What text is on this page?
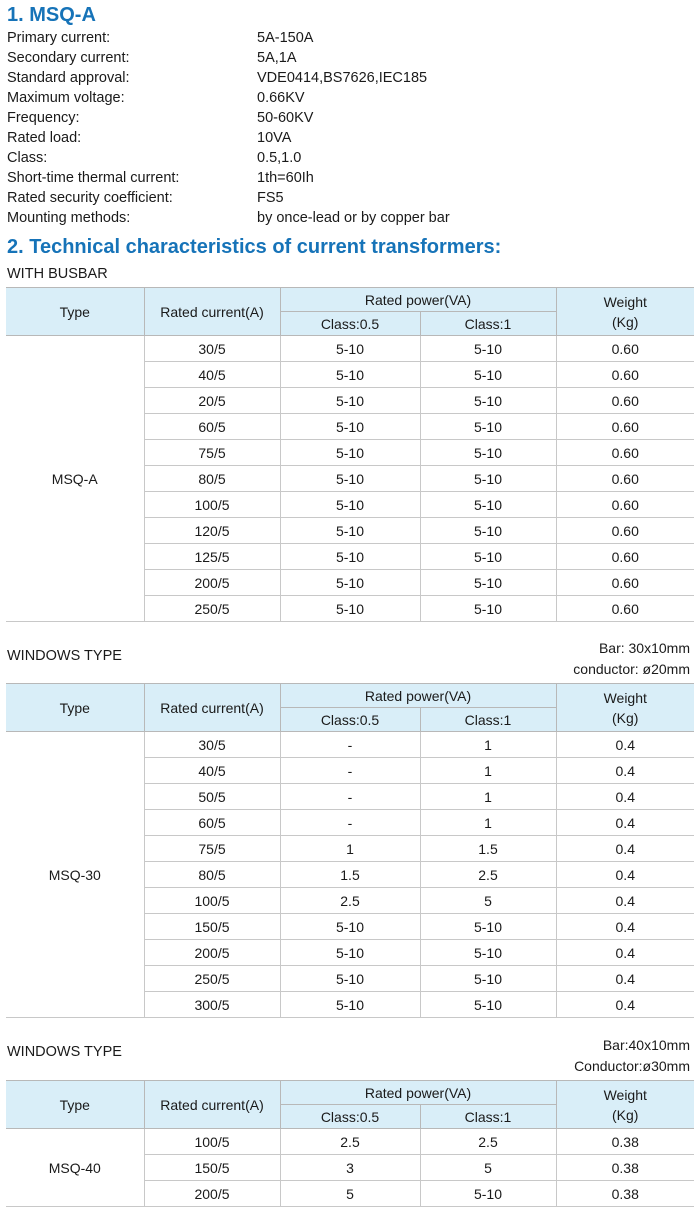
1. MSQ-A
Primary current:	5A-150A
Secondary current:	5A,1A
Standard approval:	VDE0414,BS7626,IEC185
Maximum voltage:	0.66KV
Frequency:	50-60KV
Rated load:	10VA
Class:	0.5,1.0
Short-time thermal current:	1th=60Ih
Rated security coefficient:	FS5
Mounting methods:	by once-lead or by copper bar
2. Technical characteristics of current transformers:
WITH BUSBAR
Type	Rated current(A)	Rated power(VA)		Weight
(Kg)

		Class:0.5	Class:1	
MSQ-A	30/5	5-10	5-10	0.60
	40/5	5-10	5-10	0.60
	20/5	5-10	5-10	0.60
	60/5	5-10	5-10	0.60
	75/5	5-10	5-10	0.60
	80/5	5-10	5-10	0.60
	100/5	5-10	5-10	0.60
	120/5	5-10	5-10	0.60
	125/5	5-10	5-10	0.60
	200/5	5-10	5-10	0.60
	250/5	5-10	5-10	0.60
WINDOWS TYPE	Bar: 30x10mm
conductor: ø20mm
Type	Rated current(A)	Rated power(VA)		Weight
(Kg)

		Class:0.5	Class:1	
MSQ-30	30/5	-	1	0.4
	40/5	-	1	0.4
	50/5	-	1	0.4
	60/5	-	1	0.4
	75/5	1	1.5	0.4
	80/5	1.5	2.5	0.4
	100/5	2.5	5	0.4
	150/5	5-10	5-10	0.4
	200/5	5-10	5-10	0.4
	250/5	5-10	5-10	0.4
	300/5	5-10	5-10	0.4
WINDOWS TYPE	Bar:40x10mm
Conductor:ø30mm
Type	Rated current(A)	Rated power(VA)		Weight
(Kg)

		Class:0.5	Class:1	
MSQ-40	100/5	2.5	2.5	0.38
	150/5	3	5	0.38
	200/5	5	5-10	0.38
